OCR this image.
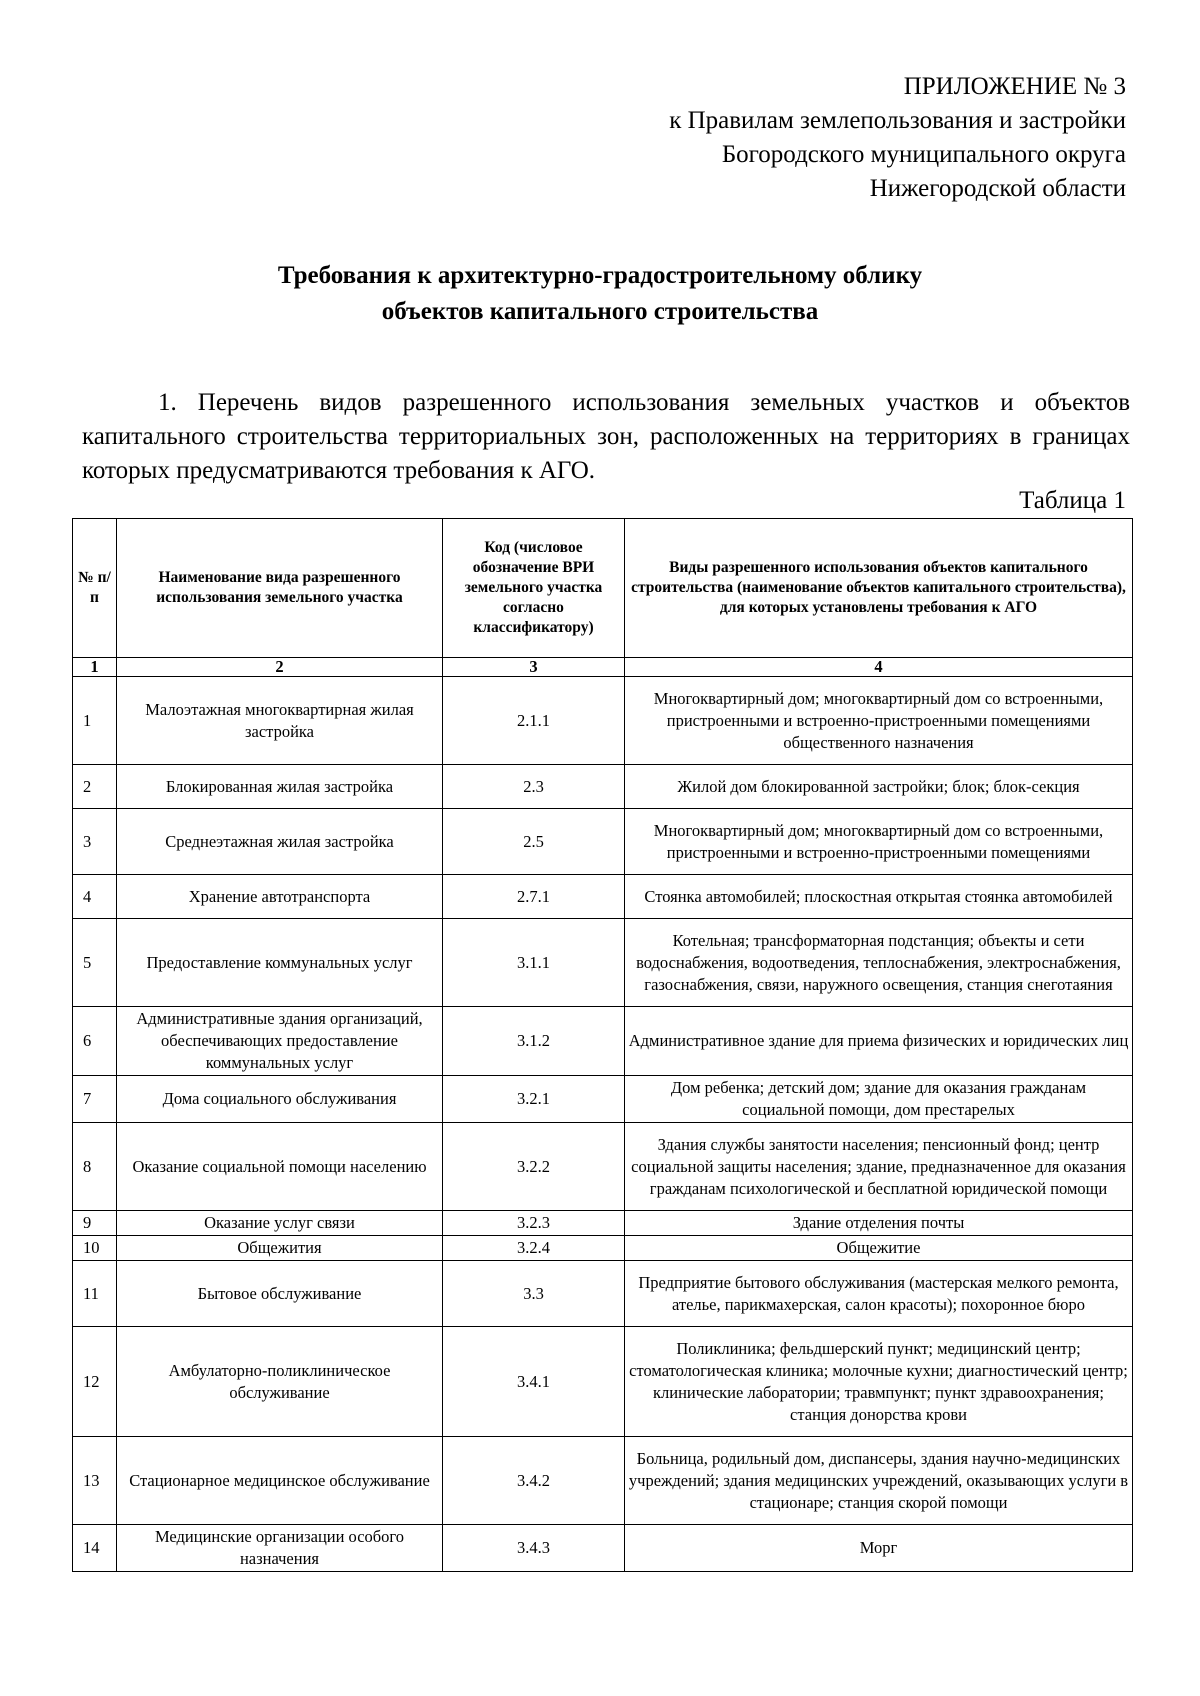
ПРИЛОЖЕНИЕ № 3
к Правилам землепользования и застройки
Богородского муниципального округа
Нижегородской области
Требования к архитектурно-градостроительному облику
объектов капитального строительства
1. Перечень видов разрешенного использования земельных участков и объектов капитального строительства территориальных зон, расположенных на территориях в границах которых предусматриваются требования к АГО.
Таблица 1
№ п/п	Наименование вида разрешенного использования земельного участка	Код (числовое обозначение ВРИ земельного участка согласно классификатору)	Виды разрешенного использования объектов капитального строительства (наименование объектов капитального строительства), для которых установлены требования к АГО
1	2	3	4
1	Малоэтажная многоквартирная жилая застройка	2.1.1	Многоквартирный дом; многоквартирный дом со встроенными, пристроенными и встроенно-пристроенными помещениями общественного назначения
2	Блокированная жилая застройка	2.3	Жилой дом блокированной застройки; блок; блок-секция
3	Среднеэтажная жилая застройка	2.5	Многоквартирный дом; многоквартирный дом со встроенными, пристроенными и встроенно-пристроенными помещениями
4	Хранение автотранспорта	2.7.1	Стоянка автомобилей; плоскостная открытая стоянка автомобилей
5	Предоставление коммунальных услуг	3.1.1	Котельная; трансформаторная подстанция; объекты и сети водоснабжения, водоотведения, теплоснабжения, электроснабжения, газоснабжения, связи, наружного освещения, станция снеготаяния
6	Административные здания организаций, обеспечивающих предоставление коммунальных услуг	3.1.2	Административное здание для приема физических и юридических лиц
7	Дома социального обслуживания	3.2.1	Дом ребенка; детский дом; здание для оказания гражданам социальной помощи, дом престарелых
8	Оказание социальной помощи населению	3.2.2	Здания службы занятости населения; пенсионный фонд; центр социальной защиты населения; здание, предназначенное для оказания гражданам психологической и бесплатной юридической помощи
9	Оказание услуг связи	3.2.3	Здание отделения почты
10	Общежития	3.2.4	Общежитие
11	Бытовое обслуживание	3.3	Предприятие бытового обслуживания (мастерская мелкого ремонта, ателье, парикмахерская, салон красоты); похоронное бюро
12	Амбулаторно-поликлиническое обслуживание	3.4.1	Поликлиника; фельдшерский пункт; медицинский центр; стоматологическая клиника; молочные кухни; диагностический центр; клинические лаборатории; травмпункт; пункт здравоохранения; станция донорства крови
13	Стационарное медицинское обслуживание	3.4.2	Больница, родильный дом, диспансеры, здания научно-медицинских учреждений; здания медицинских учреждений, оказывающих услуги в стационаре; станция скорой помощи
14	Медицинские организации особого назначения	3.4.3	Морг
